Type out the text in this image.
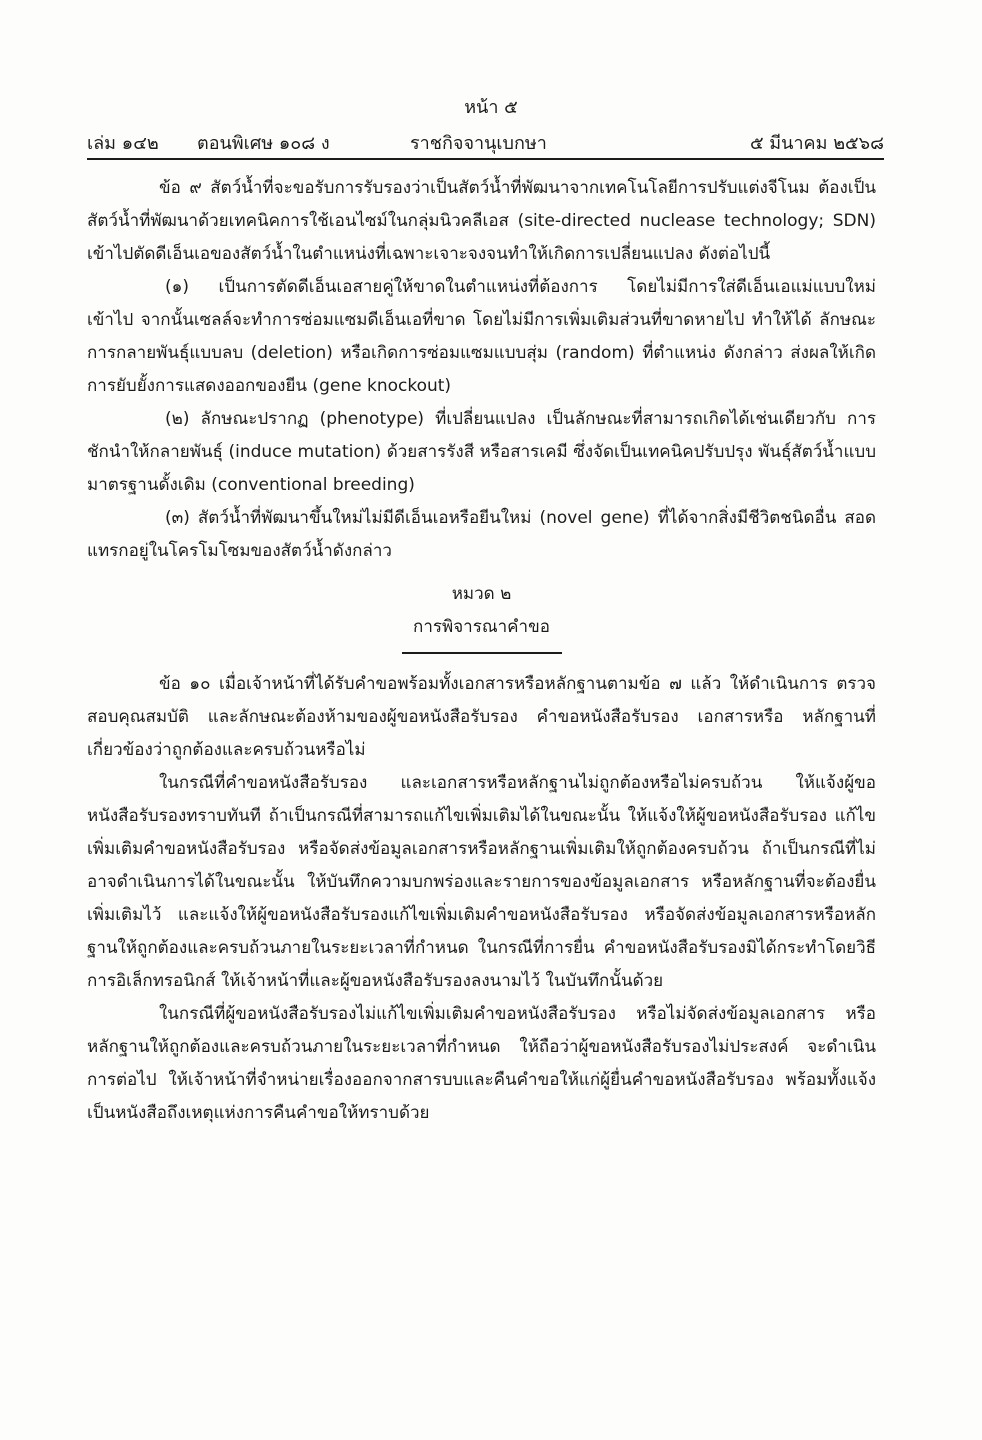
หน้า ๕
เล่ม ๑๔๒ ตอนพิเศษ ๑๐๘ ง	ราชกิจจานุเบกษา	๕ มีนาคม ๒๕๖๘

ข้อ ๙ สัตว์น้ำที่จะขอรับการรับรองว่าเป็นสัตว์น้ำที่พัฒนาจากเทคโนโลยีการปรับแต่งจีโนม ต้องเป็นสัตว์น้ำที่พัฒนาด้วยเทคนิคการใช้เอนไซม์ในกลุ่มนิวคลีเอส (site-directed nuclease technology; SDN) เข้าไปตัดดีเอ็นเอของสัตว์น้ำในตำแหน่งที่เฉพาะเจาะจงจนทำให้เกิดการเปลี่ยนแปลง ดังต่อไปนี้

(๑) เป็นการตัดดีเอ็นเอสายคู่ให้ขาดในตำแหน่งที่ต้องการ โดยไม่มีการใส่ดีเอ็นเอแม่แบบใหม่ เข้าไป จากนั้นเซลล์จะทำการซ่อมแซมดีเอ็นเอที่ขาด โดยไม่มีการเพิ่มเติมส่วนที่ขาดหายไป ทำให้ได้ ลักษณะการกลายพันธุ์แบบลบ (deletion) หรือเกิดการซ่อมแซมแบบสุ่ม (random) ที่ตำแหน่ง ดังกล่าว ส่งผลให้เกิดการยับยั้งการแสดงออกของยีน (gene knockout)

(๒) ลักษณะปรากฏ (phenotype) ที่เปลี่ยนแปลง เป็นลักษณะที่สามารถเกิดได้เช่นเดียวกับ การชักนำให้กลายพันธุ์ (induce mutation) ด้วยสารรังสี หรือสารเคมี ซึ่งจัดเป็นเทคนิคปรับปรุง พันธุ์สัตว์น้ำแบบมาตรฐานดั้งเดิม (conventional breeding)

(๓) สัตว์น้ำที่พัฒนาขึ้นใหม่ไม่มีดีเอ็นเอหรือยีนใหม่ (novel gene) ที่ได้จากสิ่งมีชีวิตชนิดอื่น สอดแทรกอยู่ในโครโมโซมของสัตว์น้ำดังกล่าว

หมวด ๒

การพิจารณาคำขอ

ข้อ ๑๐ เมื่อเจ้าหน้าที่ได้รับคำขอพร้อมทั้งเอกสารหรือหลักฐานตามข้อ ๗ แล้ว ให้ดำเนินการ ตรวจสอบคุณสมบัติ และลักษณะต้องห้ามของผู้ขอหนังสือรับรอง คำขอหนังสือรับรอง เอกสารหรือ หลักฐานที่เกี่ยวข้องว่าถูกต้องและครบถ้วนหรือไม่

ในกรณีที่คำขอหนังสือรับรอง และเอกสารหรือหลักฐานไม่ถูกต้องหรือไม่ครบถ้วน ให้แจ้งผู้ขอ หนังสือรับรองทราบทันที ถ้าเป็นกรณีที่สามารถแก้ไขเพิ่มเติมได้ในขณะนั้น ให้แจ้งให้ผู้ขอหนังสือรับรอง แก้ไขเพิ่มเติมคำขอหนังสือรับรอง หรือจัดส่งข้อมูลเอกสารหรือหลักฐานเพิ่มเติมให้ถูกต้องครบถ้วน ถ้าเป็นกรณีที่ไม่อาจดำเนินการได้ในขณะนั้น ให้บันทึกความบกพร่องและรายการของข้อมูลเอกสาร หรือหลักฐานที่จะต้องยื่นเพิ่มเติมไว้ และแจ้งให้ผู้ขอหนังสือรับรองแก้ไขเพิ่มเติมคำขอหนังสือรับรอง หรือจัดส่งข้อมูลเอกสารหรือหลักฐานให้ถูกต้องและครบถ้วนภายในระยะเวลาที่กำหนด ในกรณีที่การยื่น คำขอหนังสือรับรองมิได้กระทำโดยวิธีการอิเล็กทรอนิกส์ ให้เจ้าหน้าที่และผู้ขอหนังสือรับรองลงนามไว้ ในบันทึกนั้นด้วย

ในกรณีที่ผู้ขอหนังสือรับรองไม่แก้ไขเพิ่มเติมคำขอหนังสือรับรอง หรือไม่จัดส่งข้อมูลเอกสาร หรือหลักฐานให้ถูกต้องและครบถ้วนภายในระยะเวลาที่กำหนด ให้ถือว่าผู้ขอหนังสือรับรองไม่ประสงค์ จะดำเนินการต่อไป ให้เจ้าหน้าที่จำหน่ายเรื่องออกจากสารบบและคืนคำขอให้แก่ผู้ยื่นคำขอหนังสือรับรอง พร้อมทั้งแจ้งเป็นหนังสือถึงเหตุแห่งการคืนคำขอให้ทราบด้วย
